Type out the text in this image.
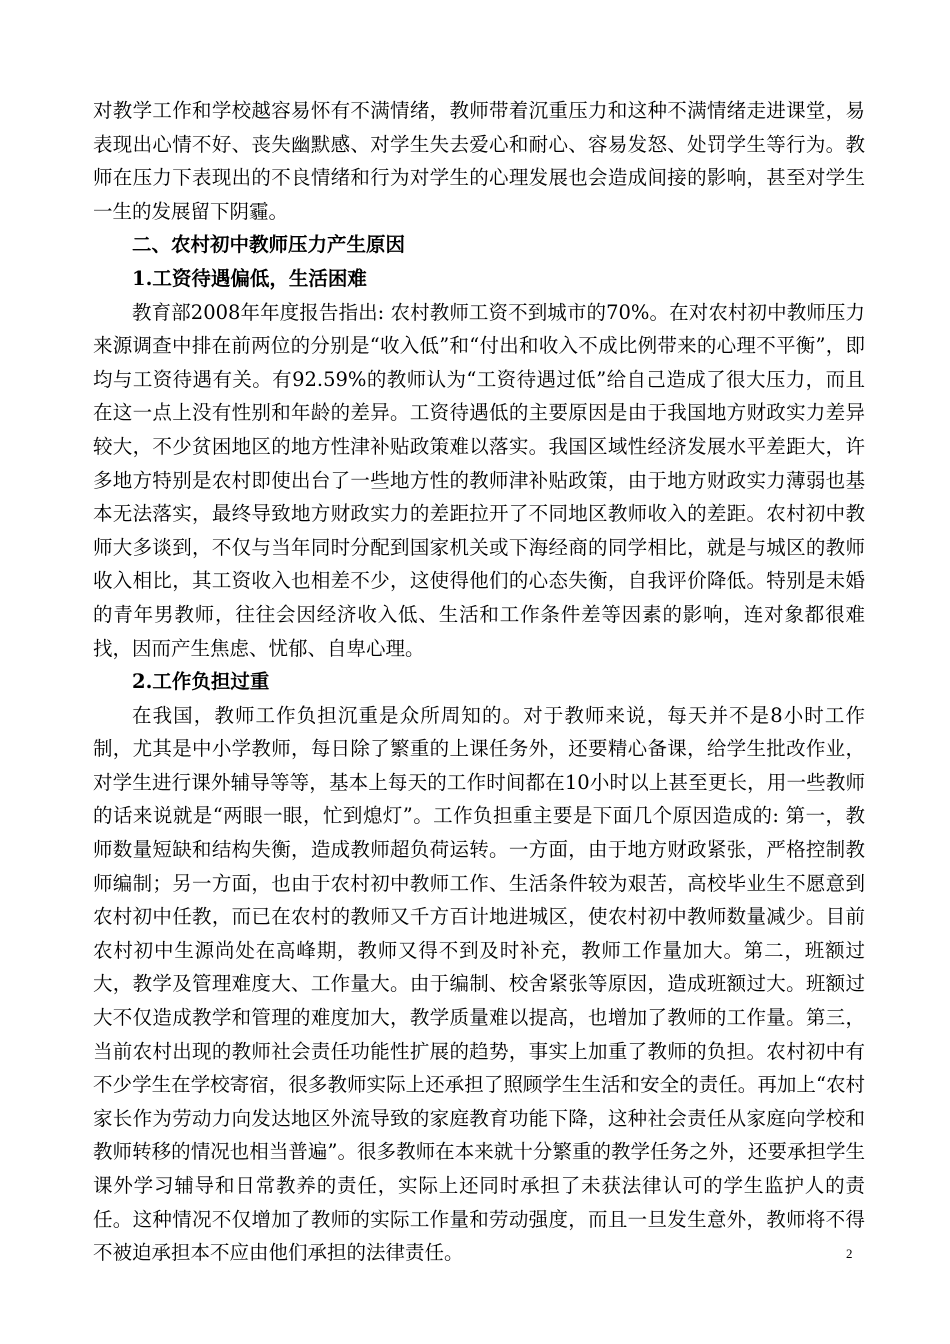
对教学工作和学校越容易怀有不满情绪，教师带着沉重压力和这种不满情绪走进课堂，易表现出心情不好、丧失幽默感、对学生失去爱心和耐心、容易发怒、处罚学生等行为。教师在压力下表现出的不良情绪和行为对学生的心理发展也会造成间接的影响，甚至对学生一生的发展留下阴霾。

二、农村初中教师压力产生原因

1.工资待遇偏低，生活困难

教育部2008年年度报告指出: 农村教师工资不到城市的70%。在对农村初中教师压力来源调查中排在前两位的分别是“收入低”和“付出和收入不成比例带来的心理不平衡”，即均与工资待遇有关。有92.59%的教师认为“工资待遇过低”给自己造成了很大压力，而且在这一点上没有性别和年龄的差异。工资待遇低的主要原因是由于我国地方财政实力差异较大，不少贫困地区的地方性津补贴政策难以落实。我国区域性经济发展水平差距大，许多地方特别是农村即使出台了一些地方性的教师津补贴政策，由于地方财政实力薄弱也基本无法落实，最终导致地方财政实力的差距拉开了不同地区教师收入的差距。农村初中教师大多谈到，不仅与当年同时分配到国家机关或下海经商的同学相比，就是与城区的教师收入相比，其工资收入也相差不少，这使得他们的心态失衡，自我评价降低。特别是未婚的青年男教师，往往会因经济收入低、生活和工作条件差等因素的影响，连对象都很难找，因而产生焦虑、忧郁、自卑心理。

2.工作负担过重

在我国，教师工作负担沉重是众所周知的。对于教师来说，每天并不是8小时工作制，尤其是中小学教师，每日除了繁重的上课任务外，还要精心备课，给学生批改作业，对学生进行课外辅导等等，基本上每天的工作时间都在10小时以上甚至更长，用一些教师的话来说就是“两眼一眼，忙到熄灯”。工作负担重主要是下面几个原因造成的: 第一，教师数量短缺和结构失衡，造成教师超负荷运转。一方面，由于地方财政紧张，严格控制教师编制；另一方面，也由于农村初中教师工作、生活条件较为艰苦，高校毕业生不愿意到农村初中任教，而已在农村的教师又千方百计地进城区，使农村初中教师数量减少。目前农村初中生源尚处在高峰期，教师又得不到及时补充，教师工作量加大。第二，班额过大，教学及管理难度大、工作量大。由于编制、校舍紧张等原因，造成班额过大。班额过大不仅造成教学和管理的难度加大，教学质量难以提高，也增加了教师的工作量。第三，当前农村出现的教师社会责任功能性扩展的趋势，事实上加重了教师的负担。农村初中有不少学生在学校寄宿，很多教师实际上还承担了照顾学生生活和安全的责任。再加上“农村家长作为劳动力向发达地区外流导致的家庭教育功能下降，这种社会责任从家庭向学校和教师转移的情况也相当普遍”。很多教师在本来就十分繁重的教学任务之外，还要承担学生课外学习辅导和日常教养的责任，实际上还同时承担了未获法律认可的学生监护人的责任。这种情况不仅增加了教师的实际工作量和劳动强度，而且一旦发生意外，教师将不得不被迫承担本不应由他们承担的法律责任。	2
